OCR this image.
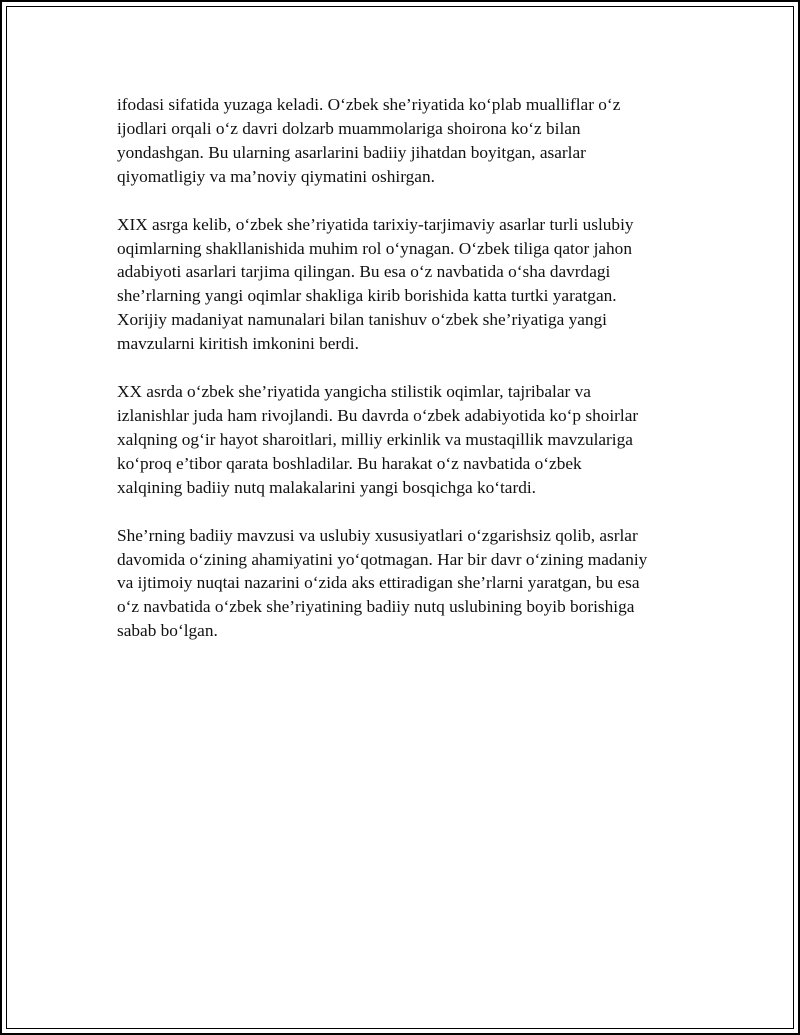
ifodasi sifatida yuzaga keladi. O‘zbek she’riyatida ko‘plab mualliflar o‘z
ijodlari orqali o‘z davri dolzarb muammolariga shoirona ko‘z bilan
yondashgan. Bu ularning asarlarini badiiy jihatdan boyitgan, asarlar
qiyomatligiy va ma’noviy qiymatini oshirgan.

XIX asrga kelib, o‘zbek she’riyatida tarixiy-tarjimaviy asarlar turli uslubiy
oqimlarning shakllanishida muhim rol o‘ynagan. O‘zbek tiliga qator jahon
adabiyoti asarlari tarjima qilingan. Bu esa o‘z navbatida o‘sha davrdagi
she’rlarning yangi oqimlar shakliga kirib borishida katta turtki yaratgan.
Xorijiy madaniyat namunalari bilan tanishuv o‘zbek she’riyatiga yangi
mavzularni kiritish imkonini berdi.

XX asrda o‘zbek she’riyatida yangicha stilistik oqimlar, tajribalar va
izlanishlar juda ham rivojlandi. Bu davrda o‘zbek adabiyotida ko‘p shoirlar
xalqning og‘ir hayot sharoitlari, milliy erkinlik va mustaqillik mavzulariga
ko‘proq e’tibor qarata boshladilar. Bu harakat o‘z navbatida o‘zbek
xalqining badiiy nutq malakalarini yangi bosqichga ko‘tardi.

She’rning badiiy mavzusi va uslubiy xususiyatlari o‘zgarishsiz qolib, asrlar
davomida o‘zining ahamiyatini yo‘qotmagan. Har bir davr o‘zining madaniy
va ijtimoiy nuqtai nazarini o‘zida aks ettiradigan she’rlarni yaratgan, bu esa
o‘z navbatida o‘zbek she’riyatining badiiy nutq uslubining boyib borishiga
sabab bo‘lgan.
